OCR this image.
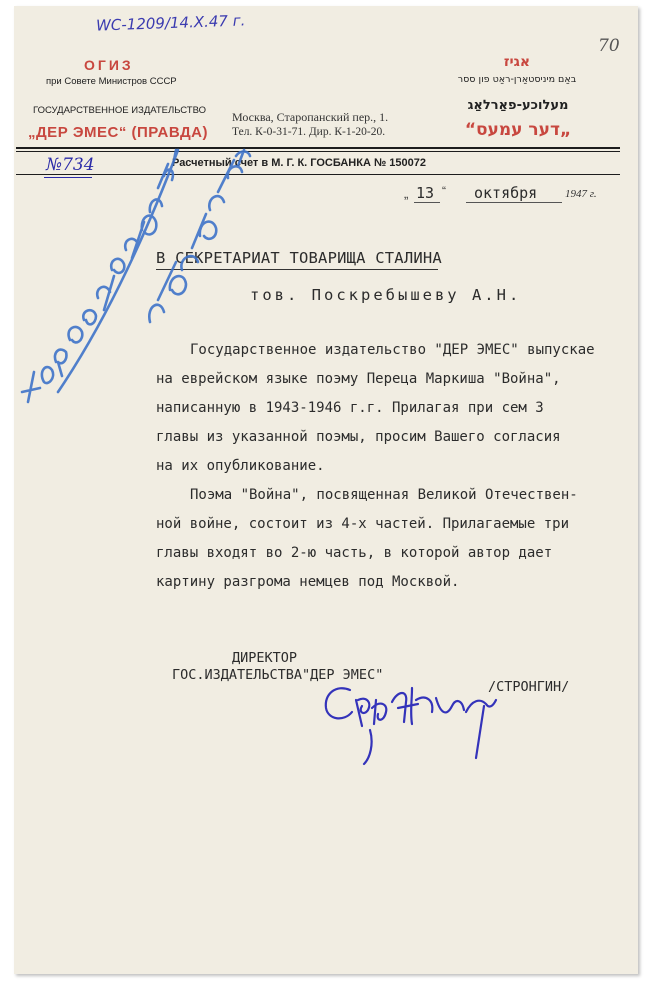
WC-1209/14.X.47 г.
70
ОГИЗ
при Совете Министров СССР
ГОСУДАРСТВЕННОЕ ИЗДАТЕЛЬСТВО
„ДЕР ЭМЕС“ (ПРАВДА)
Москва, Старопанский пер., 1.
Тел. К-0-31-71. Дир. К-1-20-20.
אגיז
באַם מיניסטאַרן-ראַט פון ססר
מעלוכע-פאַרלאַג
„דער עמעס“
Расчетный счет в М. Г. К. ГОСБАНКА № 150072
№734
„ 13 “ октября	1947 г.
В СЕКРЕТАРИАТ ТОВАРИЩА СТАЛИНА
тов. Поскребышеву А.Н.
Государственное издательство "ДЕР ЭМЕС" выпускае
на еврейском языке поэму Переца Маркиша "Война",
написанную в 1943-1946 г.г. Прилагая при сем 3
главы из указанной поэмы, просим Вашего согласия
на их опубликование.
Поэма "Война", посвященная Великой Отечествен-
ной войне, состоит из 4-х частей. Прилагаемые три
главы входят во 2-ю часть, в которой автор дает
картину разгрома немцев под Москвой.
ДИРЕКТОР
ГОС.ИЗДАТЕЛЬСТВА"ДЕР ЭМЕС"
/СТРОНГИН/
